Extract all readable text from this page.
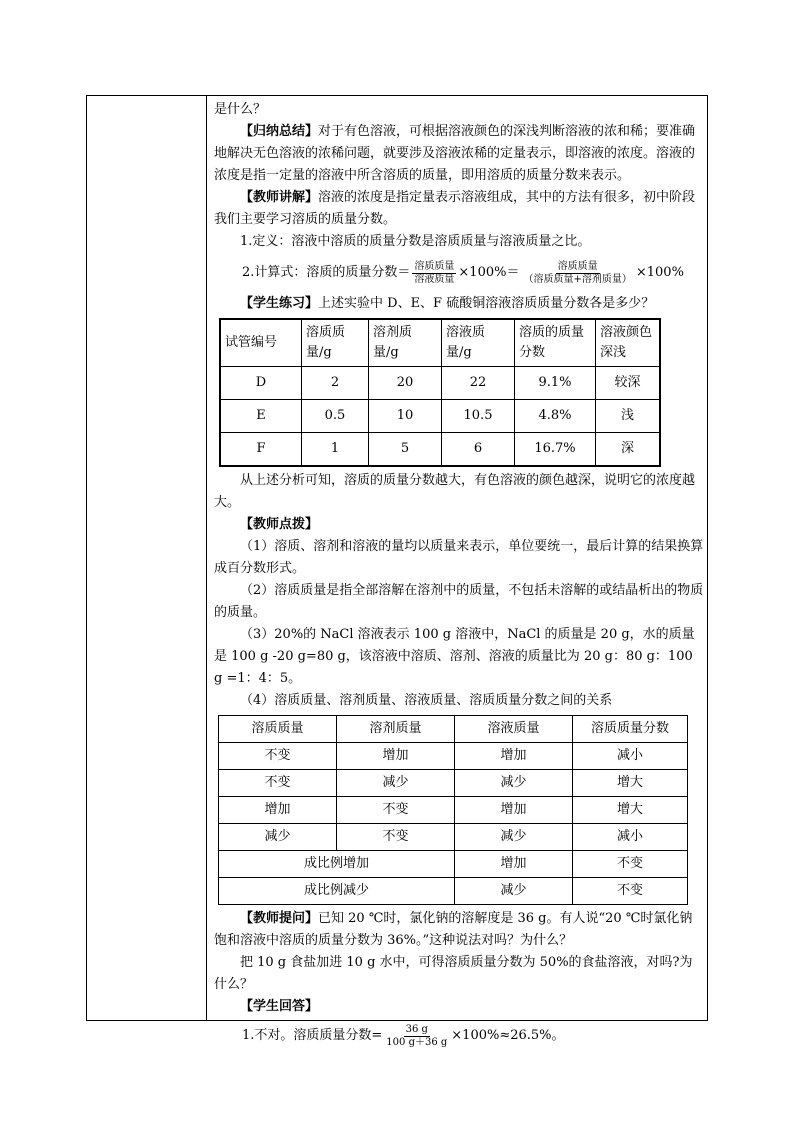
是什么？

【归纳总结】对于有色溶液，可根据溶液颜色的深浅判断溶液的浓和稀；要准确地解决无色溶液的浓稀问题，就要涉及溶液浓稀的定量表示，即溶液的浓度。溶液的浓度是指一定量的溶液中所含溶质的质量，即用溶质的质量分数来表示。

【教师讲解】溶液的浓度是指定量表示溶液组成，其中的方法有很多，初中阶段我们主要学习溶质的质量分数。

1.定义：溶液中溶质的质量分数是溶质质量与溶液质量之比。

2.计算式：溶质的质量分数＝ $\frac{\text{溶质质量}}{\text{溶液质量}} \times 100\%= \frac{\text{溶质质量}}{\text{（溶质质量+溶剂质量）}} \times 100\%$

【学生练习】上述实验中 D、E、F 硫酸铜溶液溶质质量分数各是多少？

试管编号	溶质质量/g	溶剂质量/g	溶液质量/g	溶质的质量分数	溶液颜色深浅
D	2	20	22	9.1%	较深
E	0.5	10	10.5	4.8%	浅
F	1	5	6	16.7%	深

从上述分析可知，溶质的质量分数越大，有色溶液的颜色越深，说明它的浓度越大。

【教师点拨】

（1）溶质、溶剂和溶液的量均以质量来表示，单位要统一，最后计算的结果换算成百分数形式。

（2）溶质质量是指全部溶解在溶剂中的质量，不包括未溶解的或结晶析出的物质的质量。

（3）20%的 NaCl 溶液表示 100 g 溶液中，NaCl 的质量是 20 g，水的质量是 100 g -20 g=80 g，该溶液中溶质、溶剂、溶液的质量比为 20 g：80 g：100 g =1：4：5。

（4）溶质质量、溶剂质量、溶液质量、溶质质量分数之间的关系

溶质质量	溶剂质量	溶液质量	溶质质量分数
不变	增加	增加	减小
不变	减少	减少	增大
增加	不变	增加	增大
减少	不变	减少	减小
成比例增加		增加	不变
成比例减少		减少	不变

【教师提问】已知 20 ℃时，氯化钠的溶解度是 36 g。有人说“20 ℃时氯化钠饱和溶液中溶质的质量分数为 36%。”这种说法对吗？为什么？

把 10 g 食盐加进 10 g 水中，可得溶质质量分数为 50%的食盐溶液，对吗?为什么？

【学生回答】

1.不对。溶质质量分数= $\frac{36 g}{100 g+36 g} \times 100\%\approx 26.5\%$。
